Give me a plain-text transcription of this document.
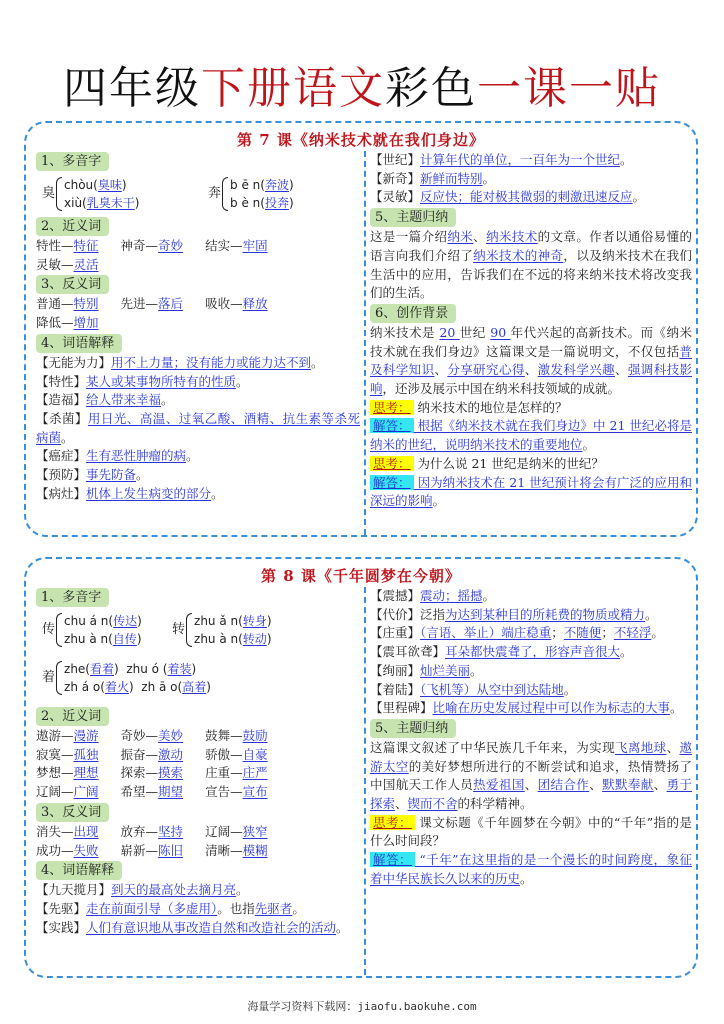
四年级下册语文彩色一课一贴
第 7 课《纳米技术就在我们身边》
1、多音字
臭
chòu(臭味)
xiù(乳臭未干)
奔
b ē n(奔波)
b è n(投奔)
2、近义词
特性—特征 神奇—奇妙 结实—牢固
灵敏—灵活
3、反义词
普通—特别 先进—落后 吸收—释放
降低—增加
4、词语解释
【无能为力】用不上力量；没有能力或能力达不到。
【特性】某人或某事物所特有的性质。
【造福】给人带来幸福。
【杀菌】用日光、高温、过氧乙酸、酒精、抗生素等杀死病菌。
【癌症】生有恶性肿瘤的病。
【预防】事先防备。
【病灶】机体上发生病变的部分。
【世纪】计算年代的单位，一百年为一个世纪。
【新奇】新鲜而特别。
【灵敏】反应快；能对极其微弱的刺激迅速反应。
5、主题归纳
这是一篇介绍纳米、纳米技术的文章。作者以通俗易懂的语言向我们介绍了纳米技术的神奇，以及纳米技术在我们生活中的应用，告诉我们在不远的将来纳米技术将改变我们的生活。
6、创作背景
纳米技术是 20 世纪 90 年代兴起的高新技术。而《纳米技术就在我们身边》这篇课文是一篇说明文，不仅包括普及科学知识、分享研究心得、激发科学兴趣、强调科技影响，还涉及展示中国在纳米科技领域的成就。
思考： 纳米技术的地位是怎样的？
解答： 根据《纳米技术就在我们身边》中 21 世纪必将是纳米的世纪，说明纳米技术的重要地位。
思考： 为什么说 21 世纪是纳米的世纪？
解答： 因为纳米技术在 21 世纪预计将会有广泛的应用和深远的影响。
第 8 课《千年圆梦在今朝》
1、多音字
传
chu á n(传达)
zhu à n(自传)
转
zhu ǎ n(转身)
zhu à n(转动)
着
zhe(看着) zhu ó (着装)
zh á o(着火) zh ā o(高着)
2、近义词
遨游—漫游 奇妙—美妙 鼓舞—鼓励
寂寞—孤独 振奋—激动 骄傲—自豪
梦想—理想 探索—摸索 庄重—庄严
辽阔—广阔 希望—期望 宣告—宣布
3、反义词
消失—出现 放弃—坚持 辽阔—狭窄
成功—失败 崭新—陈旧 清晰—模糊
4、词语解释
【九天揽月】到天的最高处去摘月亮。
【先驱】走在前面引导（多虚用）。也指先驱者。
【实践】人们有意识地从事改造自然和改造社会的活动。
【震撼】震动；摇撼。
【代价】泛指为达到某种目的所耗费的物质或精力。
【庄重】（言语、举止）端庄稳重；不随便；不轻浮。
【震耳欲聋】耳朵都快震聋了，形容声音很大。
【绚丽】灿烂美丽。
【着陆】（飞机等）从空中到达陆地。
【里程碑】比喻在历史发展过程中可以作为标志的大事。
5、主题归纳
这篇课文叙述了中华民族几千年来，为实现飞离地球、遨游太空的美好梦想所进行的不断尝试和追求，热情赞扬了中国航天工作人员热爱祖国、团结合作、默默奉献、勇于探索、锲而不舍的科学精神。
思考： 课文标题《千年圆梦在今朝》中的“千年”指的是什么时间段？
解答： “千年”在这里指的是一个漫长的时间跨度，象征着中华民族长久以来的历史。
海量学习资料下载网：jiaofu.baokuhe.com
